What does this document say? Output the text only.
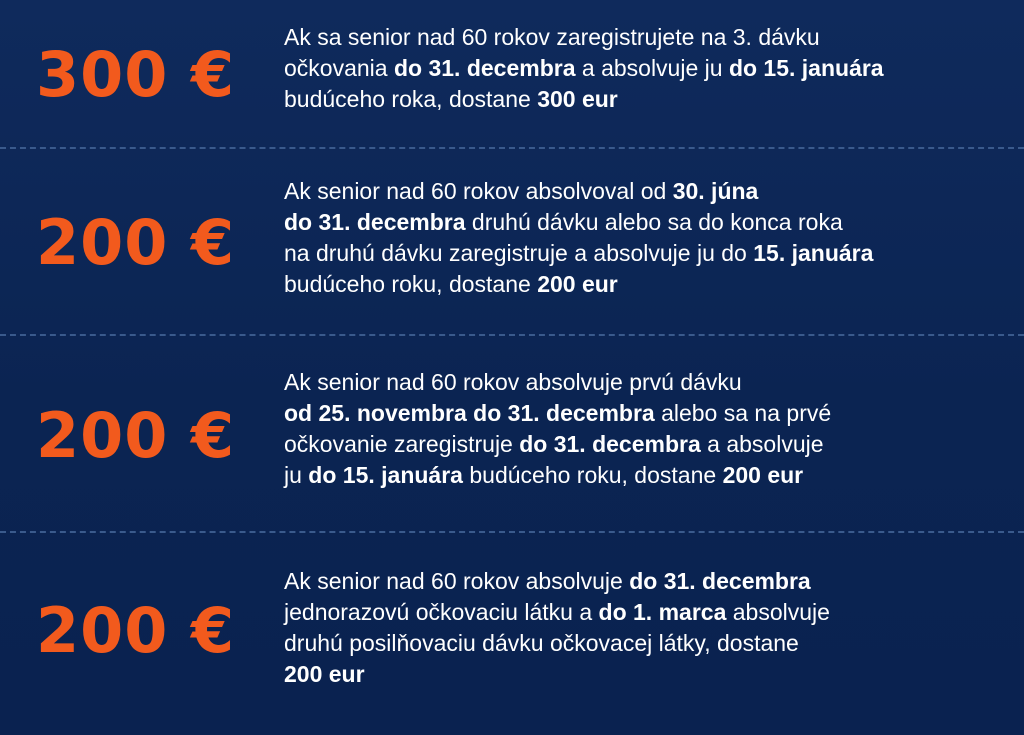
300 €
Ak sa senior nad 60 rokov zaregistrujete na 3. dávku
očkovania do 31. decembra a absolvuje ju do 15. januára
budúceho roka, dostane 300 eur
200 €
Ak senior nad 60 rokov absolvoval od 30. júna
do 31. decembra druhú dávku alebo sa do konca roka
na druhú dávku zaregistruje a absolvuje ju do 15. januára
budúceho roku, dostane 200 eur
200 €
Ak senior nad 60 rokov absolvuje prvú dávku
od 25. novembra do 31. decembra alebo sa na prvé
očkovanie zaregistruje do 31. decembra a absolvuje
ju do 15. januára budúceho roku, dostane 200 eur
200 €
Ak senior nad 60 rokov absolvuje do 31. decembra
jednorazovú očkovaciu látku a do 1. marca absolvuje
druhú posilňovaciu dávku očkovacej látky, dostane
200 eur
